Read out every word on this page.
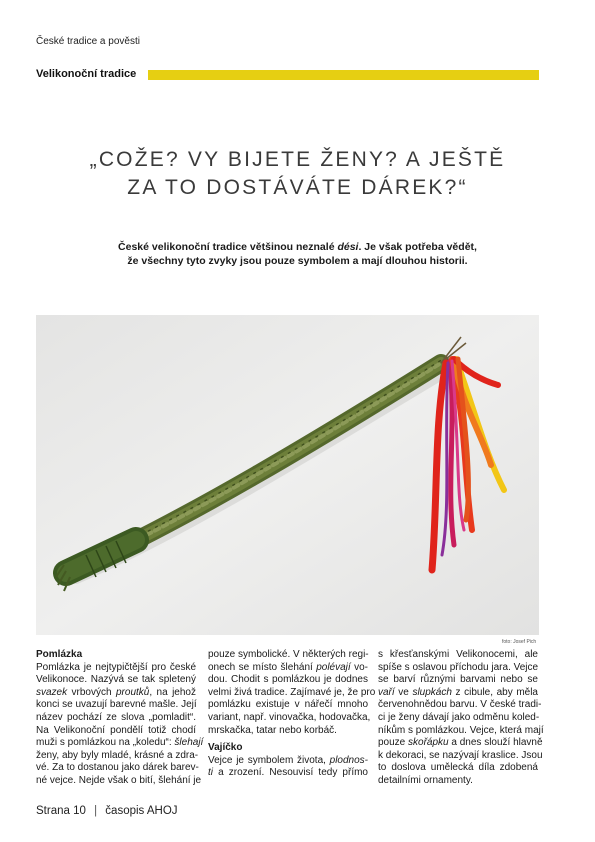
České tradice a pověsti
Velikonoční tradice
„COŽE? VY BIJETE ŽENY? A JEŠTĚ
ZA TO DOSTÁVÁTE DÁREK?“
České velikonoční tradice většinou neznalé dési. Je však potřeba vědět,
že všechny tyto zvyky jsou pouze symbolem a mají dlouhou historii.
foto: Josef Pich
Pomlázka
Pomlázka je nejtypičtější pro české
Velikonoce. Nazývá se tak spletený
svazek vrbových proutků, na jehož
konci se uvazují barevné mašle. Její
název pochází ze slova „pomladit“.
Na Velikonoční pondělí totiž chodí
muži s pomlázkou na „koledu“: šlehají
ženy, aby byly mladé, krásné a zdra-
vé. Za to dostanou jako dárek barev-
né vejce. Nejde však o bití, šlehání je
pouze symbolické. V některých regi-
onech se místo šlehání polévají vo-
dou. Chodit s pomlázkou je dodnes
velmi živá tradice. Zajímavé je, že pro
pomlázku existuje v nářečí mnoho
variant, např. vinovačka, hodovačka,
mrskačka, tatar nebo korbáč.
Vajíčko
Vejce je symbolem života, plodnos-
ti a zrození. Nesouvisí tedy přímo
s křesťanskými Velikonocemi, ale
spíše s oslavou příchodu jara. Vejce
se barví různými barvami nebo se
vaří ve slupkách z cibule, aby měla
červenohnědou barvu. V české tradi-
ci je ženy dávají jako odměnu koled-
níkům s pomlázkou. Vejce, která mají
pouze skořápku a dnes slouží hlavně
k dekoraci, se nazývají kraslice. Jsou
to doslova umělecká díla zdobená
detailními ornamenty.
Strana 10 | časopis AHOJ
